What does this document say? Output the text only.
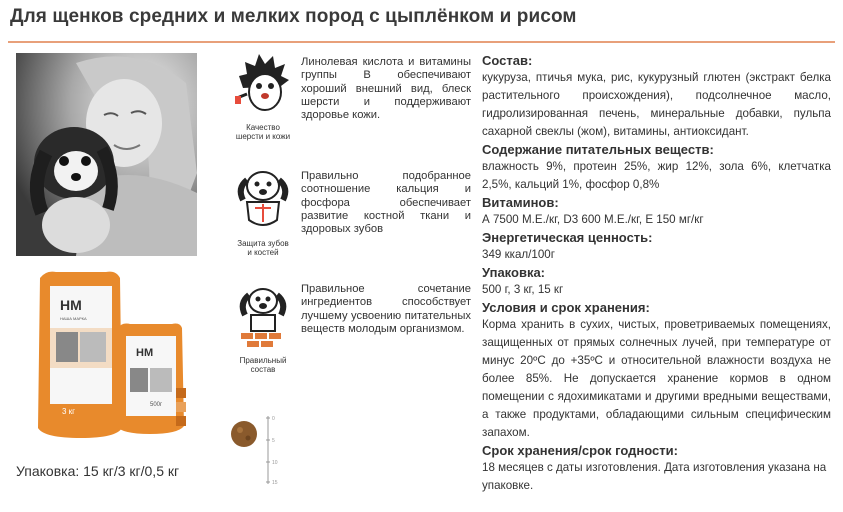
Для щенков средних и мелких пород с цыплёнком и рисом
НМ
НАША МАРКА
3 кг
НМ
500г
Упаковка: 15 кг/3 кг/0,5 кг
Качество
шерсти и кожи
Линолевая кислота и витамины группы В обеспечивают хороший внешний вид, блеск шерсти и поддерживают здоровье кожи.
Защита зубов
и костей
Правильно подобранное соотношение кальция и фосфора обеспечивает развитие костной ткани и здоровых зубов
Правильный
состав
Правильное сочетание ингредиентов способствует лучшему усвоению питательных веществ молодым организмом.
0
5
10
15
Состав:

кукуруза, птичья мука, рис, кукурузный глютен (экстракт белка растительного происхождения), подсолнечное масло, гидролизированная печень, минеральные добавки, пульпа сахарной свеклы (жом), витамины, антиоксидант.

Содержание питательных веществ:

влажность 9%, протеин 25%, жир 12%, зола 6%, клетчатка 2,5%, кальций 1%, фосфор 0,8%

Витаминов:

А 7500 М.Е./кг, D3 600 М.Е./кг, Е 150 мг/кг

Энергетическая ценность:

349 ккал/100г

Упаковка:

500 г, 3 кг, 15 кг

Условия и срок хранения:

Корма хранить в сухих, чистых, проветриваемых помещениях, защищенных от прямых солнечных лучей, при температуре от минус 20ºС до +35ºС и относительной влажности воздуха не более 85%. Не допускается хранение кормов в одном помещении с ядохимикатами и другими вредными веществами, а также продуктами, обладающими сильным специфическим запахом.

Срок хранения/срок годности:

18 месяцев с даты изготовления. Дата изготовления указана на упаковке.
